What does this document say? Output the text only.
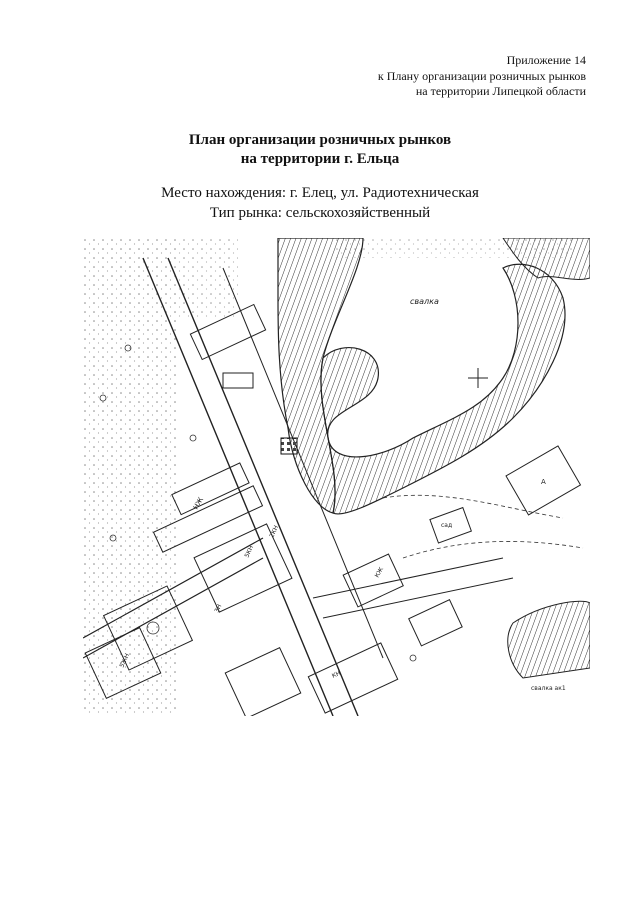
Приложение 14
к Плану организации розничных рынков
на территории Липецкой области
План организации розничных рынков
на территории г. Ельца
Место нахождения: г. Елец, ул. Радиотехническая
Тип рынка: сельскохозяйственный
свалка
свалка ак1
НЖ
КЖ
А
5КН
3Н
5ЖН
2КН	сад
КН
